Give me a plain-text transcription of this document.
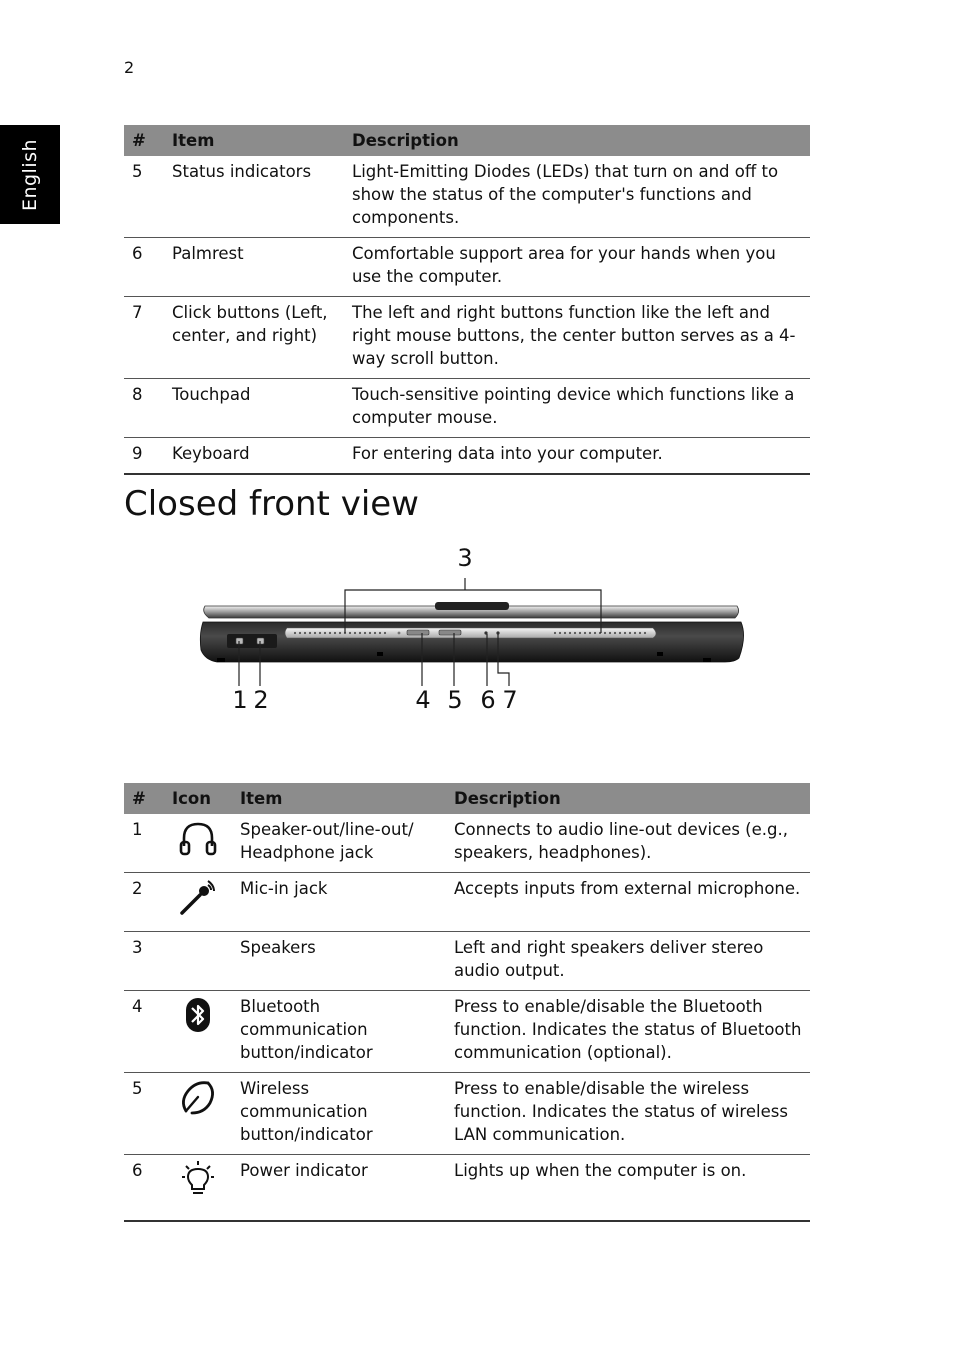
2
English	#	Item	Description
5	Status indicators	Light-Emitting Diodes (LEDs) that turn on and off to show the status of the computer's functions and components.
6	Palmrest	Comfortable support area for your hands when you use the computer.
7	Click buttons (Left, center, and right)	The left and right buttons function like the left and right mouse buttons, the center button serves as a 4-way scroll button.
8	Touchpad	Touch-sensitive pointing device which functions like a computer mouse.
9	Keyboard	For entering data into your computer.
Closed front view
3
1 2	4 5 6 7
#	Icon	Item	Description
1		Speaker-out/line-out/ Headphone jack	Connects to audio line-out devices (e.g., speakers, headphones).
2		Mic-in jack	Accepts inputs from external microphone.
3		Speakers	Left and right speakers deliver stereo audio output.
4		Bluetooth communication button/indicator	Press to enable/disable the Bluetooth function. Indicates the status of Bluetooth communication (optional).
5		Wireless communication button/indicator	Press to enable/disable the wireless function. Indicates the status of wireless LAN communication.
6		Power indicator	Lights up when the computer is on.
